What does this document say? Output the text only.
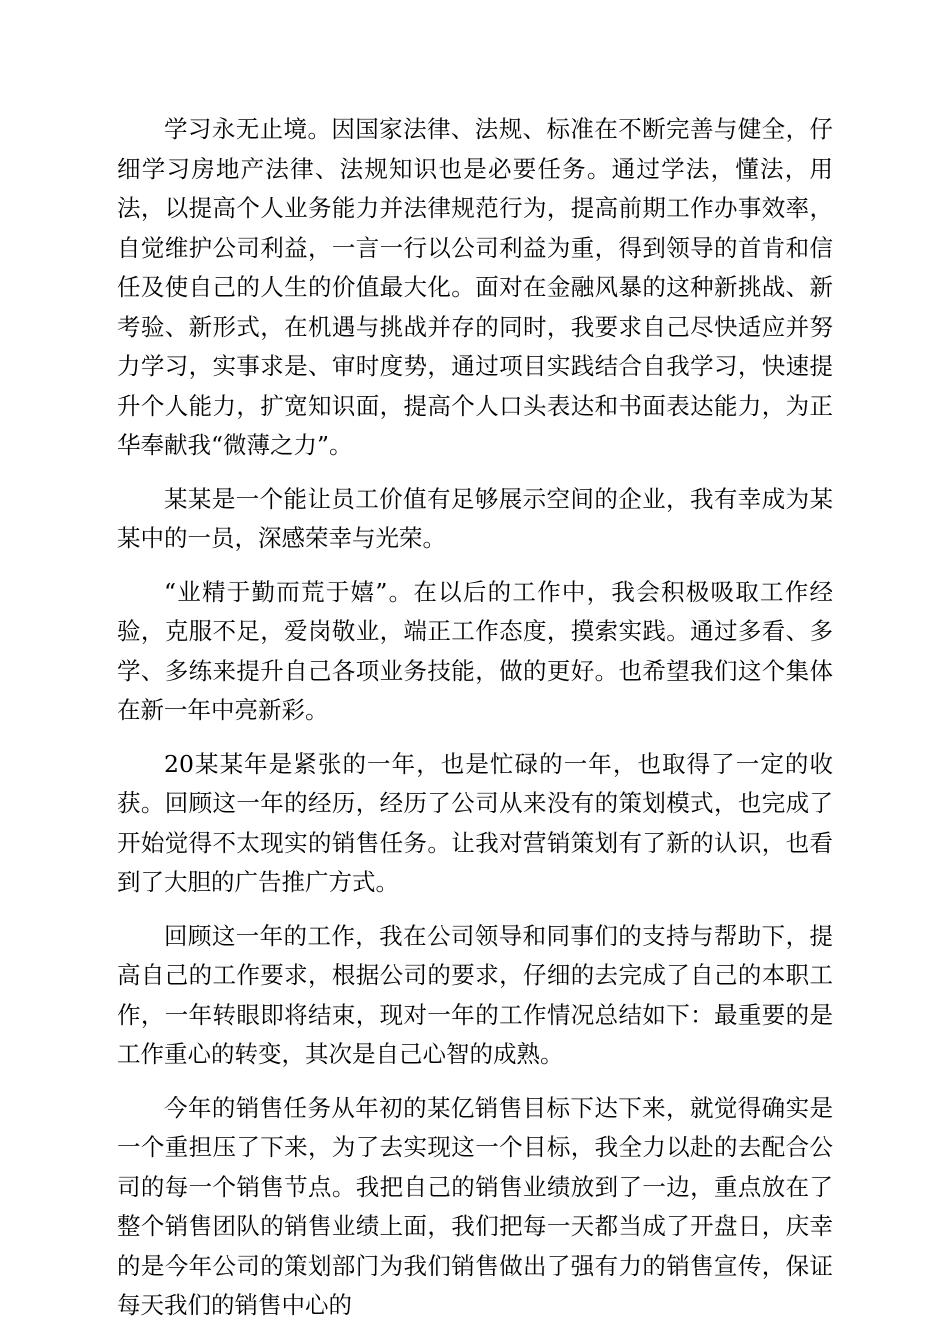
学习永无止境。因国家法律、法规、标准在不断完善与健全，仔细学习房地产法律、法规知识也是必要任务。通过学法，懂法，用法，以提高个人业务能力并法律规范行为，提高前期工作办事效率，自觉维护公司利益，一言一行以公司利益为重，得到领导的首肯和信任及使自己的人生的价值最大化。面对在金融风暴的这种新挑战、新考验、新形式，在机遇与挑战并存的同时，我要求自己尽快适应并努力学习，实事求是、审时度势，通过项目实践结合自我学习，快速提升个人能力，扩宽知识面，提高个人口头表达和书面表达能力，为正华奉献我“微薄之力”。

某某是一个能让员工价值有足够展示空间的企业，我有幸成为某某中的一员，深感荣幸与光荣。

“业精于勤而荒于嬉”。在以后的工作中，我会积极吸取工作经验，克服不足，爱岗敬业，端正工作态度，摸索实践。通过多看、多学、多练来提升自己各项业务技能，做的更好。也希望我们这个集体在新一年中亮新彩。

20某某年是紧张的一年，也是忙碌的一年，也取得了一定的收获。回顾这一年的经历，经历了公司从来没有的策划模式，也完成了开始觉得不太现实的销售任务。让我对营销策划有了新的认识，也看到了大胆的广告推广方式。

回顾这一年的工作，我在公司领导和同事们的支持与帮助下，提高自己的工作要求，根据公司的要求，仔细的去完成了自己的本职工作，一年转眼即将结束，现对一年的工作情况总结如下：最重要的是工作重心的转变，其次是自己心智的成熟。

今年的销售任务从年初的某亿销售目标下达下来，就觉得确实是一个重担压了下来，为了去实现这一个目标，我全力以赴的去配合公司的每一个销售节点。我把自己的销售业绩放到了一边，重点放在了整个销售团队的销售业绩上面，我们把每一天都当成了开盘日，庆幸的是今年公司的策划部门为我们销售做出了强有力的销售宣传，保证每天我们的销售中心的
